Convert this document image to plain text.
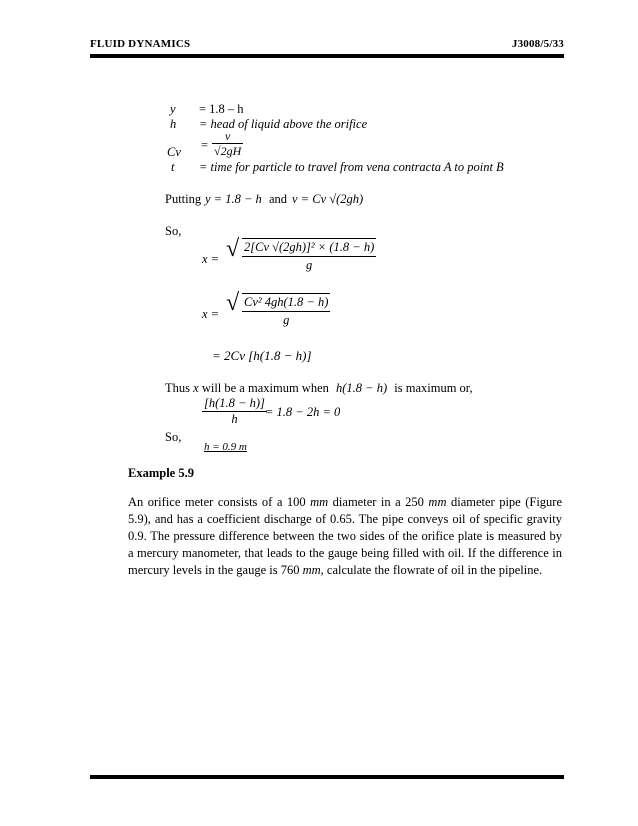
FLUID DYNAMICS	J3008/5/33
y = 1.8 – h
h = head of liquid above the orifice
$Cv = \frac{v}{√2gH}$
t = time for particle to travel from vena contracta A to point B
Putting y = 1.8 − h and v = Cv √(2gh)
So,
x = √ $\frac{\text{2[Cv √(2gh)]² × (1.8 − h)}}{g}$
x = √ $\frac{\text{Cv² 4gh(1.8 − h)}}{g}$
= 2Cv [h(1.8 − h)]
Thus x will be a maximum when h(1.8 − h) is maximum or,
$\frac{[h(1.8 - h)]}{h}$
= 1.8 − 2h = 0
So,
h = 0.9 m
Example 5.9
An orifice meter consists of a 100 mm diameter in a 250 mm diameter pipe (Figure 5.9), and has a coefficient discharge of 0.65. The pipe conveys oil of specific gravity 0.9. The pressure difference between the two sides of the orifice plate is measured by a mercury manometer, that leads to the gauge being filled with oil. If the difference in mercury levels in the gauge is 760 mm, calculate the flowrate of oil in the pipeline.
